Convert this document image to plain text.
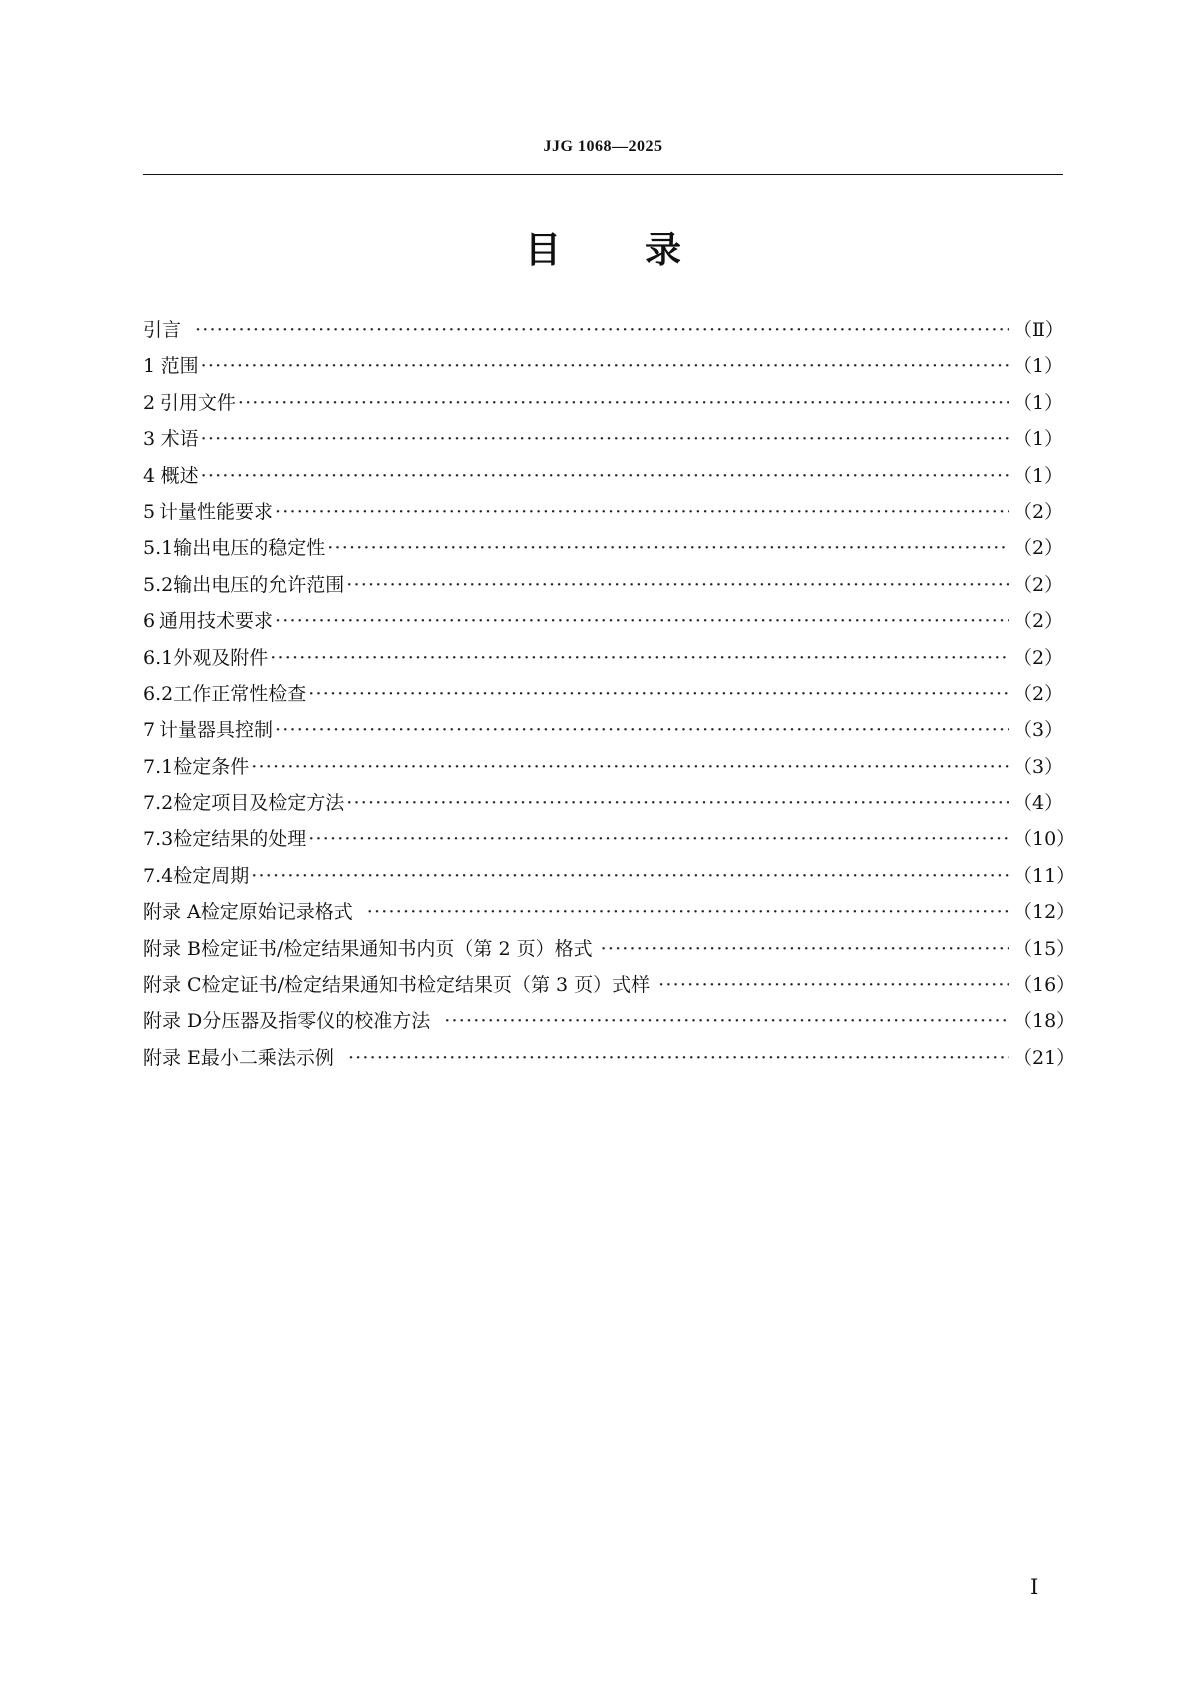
JJG 1068—2025
目 录
引言 ·····	（Ⅱ）
1 范围 ·····	（1）
2 引用文件 ·····	（1）
3 术语 ·····	（1）
4 概述 ·····	（1）
5 计量性能要求 ·····	（2）
5.1 输出电压的稳定性 ·····	（2）
5.2 输出电压的允许范围 ·····	（2）
6 通用技术要求 ·····	（2）
6.1 外观及附件 ·····	（2）
6.2 工作正常性检查 ·····	（2）
7 计量器具控制 ·····	（3）
7.1 检定条件 ·····	（3）
7.2 检定项目及检定方法 ·····	（4）
7.3 检定结果的处理 ·····	（10）
7.4 检定周期 ·····	（11）
附录 A 检定原始记录格式 ·····	（12）
附录 B 检定证书/检定结果通知书内页（第 2 页）格式 ·····	（15）
附录 C 检定证书/检定结果通知书检定结果页（第 3 页）式样 ·····	（16）
附录 D 分压器及指零仪的校准方法 ·····	（18）
附录 E 最小二乘法示例 ·····	（21）
Ⅰ
